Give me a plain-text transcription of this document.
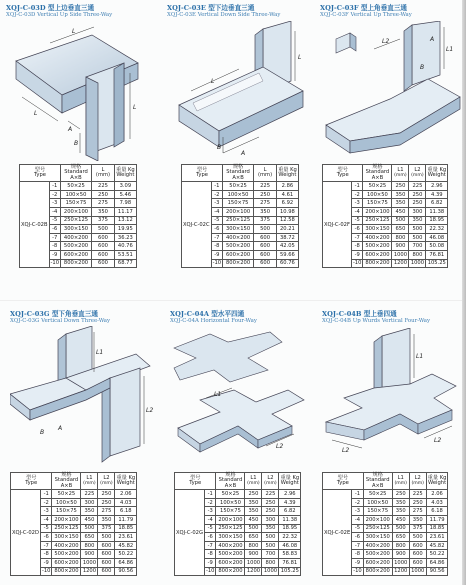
XQJ-C-03D 型上边垂直三通
XQJ-C-03D Vertical Up Side Three-Way
L
L
L
B
A
型号
Type		规格
Standard
A×B	L
(mm)	重量 Kg
Weight
XQJ-C-02B	-1	50×25	225	3.09
	-2	100×50	250	5.46
	-3	150×75	275	7.98
	-4	200×100	350	11.17
	-5	250×125	375	13.12
	-6	300×150	500	19.95
	-7	400×200	600	36.23
	-8	500×200	600	40.76
	-9	600×200	600	53.51
	-10	800×200	600	68.77
XQJ-C-03E 型下边垂直三通
XQJ-C-03E Vertical Down Side Three-Way
L
L
B
A
型号
Type		规格
Standard
A×B	L
(mm)	重量 Kg
Weight
XQJ-C-02C	-1	50×25	225	2.86
	-2	100×50	250	4.61
	-3	150×75	275	6.92
	-4	200×100	350	10.98
	-5	250×125	375	12.58
	-6	300×150	500	20.21
	-7	400×200	600	38.72
	-8	500×200	600	42.05
	-9	600×200	600	59.66
	-10	800×200	600	60.76
XQJ-C-03F 型上角垂直三通
XQJ-C-03F Vertical Up Three-Way
L2
L1
B
A
型号
Type		规格
Standard
A×B	L1
(mm)	L2
(mm)	重量 Kg
Weight
XQJ-C-02F	-1	50×25	250	225	2.96
	-2	100×50	350	250	4.39
	-3	150×75	350	250	6.82
	-4	200×100	450	300	11.38
	-5	250×125	500	350	18.95
	-6	300×150	650	500	22.32
	-7	400×200	800	500	46.08
	-8	500×200	900	700	50.08
	-9	600×200	1000	800	76.81
	-10	800×200	1200	1000	105.25
XQJ-C-03G 型下角垂直三通
XQJ-C-03G Vertical Down Three-Way
L1
L2
B
A
型号
Type		规格
Standard
A×B	L1
(mm)	L2
(mm)	重量 Kg
Weight
XQJ-C-02D	-1	50×25	225	250	2.06
	-2	100×50	300	250	4.03
	-3	150×75	350	275	6.18
	-4	200×100	450	350	11.79
	-5	250×125	500	375	18.85
	-6	300×150	650	500	23.61
	-7	400×200	800	600	45.82
	-8	500×200	900	600	50.22
	-9	600×200	1000	600	64.86
	-10	800×200	1200	600	90.56
XQJ-C-04A 型水平四通
XQJ-C-04A Horizontal Four-Way
L1
L2
型号
Type		规格
Standard
A×B	L1
(mm)	L2
(mm)	重量 Kg
Weight
XQJ-C-02G	-1	50×25	250	225	2.96
	-2	100×50	350	250	4.39
	-3	150×75	350	250	6.82
	-4	200×100	450	300	11.38
	-5	250×125	500	350	18.95
	-6	300×150	650	500	22.32
	-7	400×200	800	500	46.08
	-8	500×200	900	700	58.83
	-9	600×200	1000	800	76.81
	-10	800×200	1200	1000	105.25
XQJ-C-04B 型上垂四通
XQJ-C-04B Up Wurds Vertical Four-Way
L1
L2
L2
型号
Type		规格
Standard
A×B	L1
(mm)	L2
(mm)	重量 Kg
Weight
XQJ-C-02E	-1	50×25	250	225	2.06
	-2	100×50	350	250	4.03
	-3	150×75	350	275	6.18
	-4	200×100	450	350	11.79
	-5	250×125	500	375	18.85
	-6	300×150	650	500	23.61
	-7	400×200	800	600	45.82
	-8	500×200	900	600	50.22
	-9	600×200	1000	600	64.86
	-10	800×200	1200	1000	90.56
